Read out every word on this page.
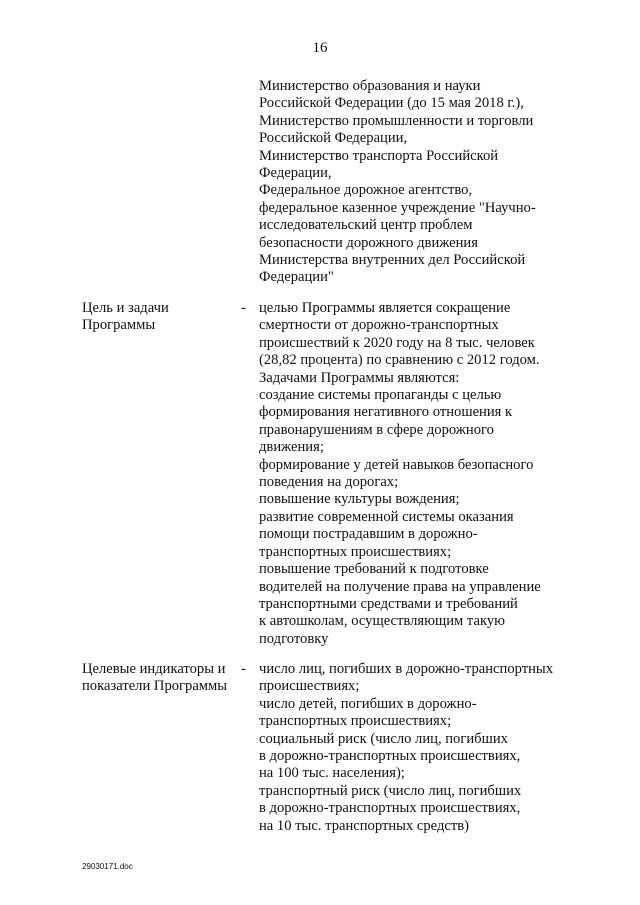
16
Министерство образования и науки
Российской Федерации (до 15 мая 2018 г.),
Министерство промышленности и торговли
Российской Федерации,
Министерство транспорта Российской
Федерации,
Федеральное дорожное агентство,
федеральное казенное учреждение "Научно-
исследовательский центр проблем
безопасности дорожного движения
Министерства внутренних дел Российской
Федерации"
Цель и задачи
Программы
- целью Программы является сокращение
смертности от дорожно-транспортных
происшествий к 2020 году на 8 тыс. человек
(28,82 процента) по сравнению с 2012 годом.
Задачами Программы являются:
создание системы пропаганды с целью
формирования негативного отношения к
правонарушениям в сфере дорожного
движения;
формирование у детей навыков безопасного
поведения на дорогах;
повышение культуры вождения;
развитие современной системы оказания
помощи пострадавшим в дорожно-
транспортных происшествиях;
повышение требований к подготовке
водителей на получение права на управление
транспортными средствами и требований
к автошколам, осуществляющим такую
подготовку
Целевые индикаторы и
показатели Программы
- число лиц, погибших в дорожно-транспортных
происшествиях;
число детей, погибших в дорожно-
транспортных происшествиях;
социальный риск (число лиц, погибших
в дорожно-транспортных происшествиях,
на 100 тыс. населения);
транспортный риск (число лиц, погибших
в дорожно-транспортных происшествиях,
на 10 тыс. транспортных средств)
29030171.doc
